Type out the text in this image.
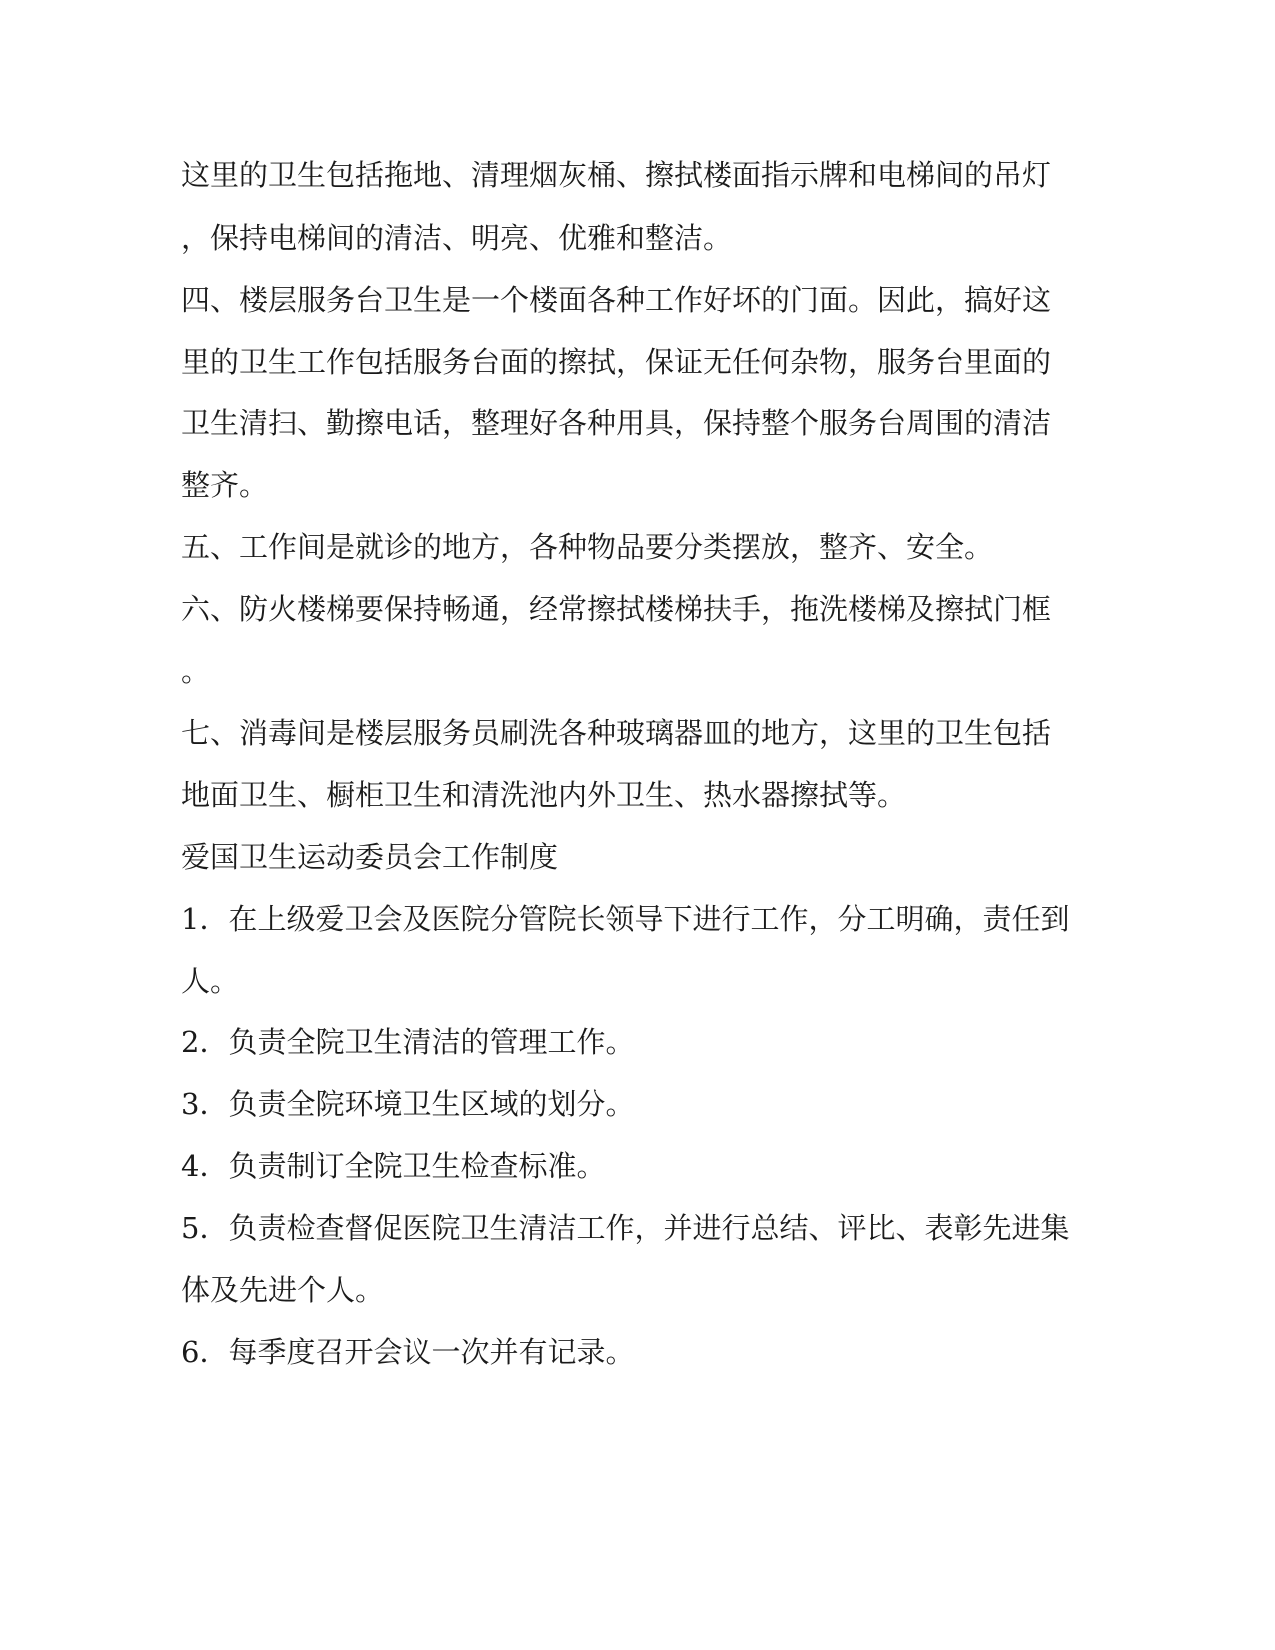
这里的卫生包括拖地、清理烟灰桶、擦拭楼面指示牌和电梯间的吊灯

，保持电梯间的清洁、明亮、优雅和整洁。

四、楼层服务台卫生是一个楼面各种工作好坏的门面。因此，搞好这

里的卫生工作包括服务台面的擦拭，保证无任何杂物，服务台里面的

卫生清扫、勤擦电话，整理好各种用具，保持整个服务台周围的清洁

整齐。

五、工作间是就诊的地方，各种物品要分类摆放，整齐、安全。

六、防火楼梯要保持畅通，经常擦拭楼梯扶手，拖洗楼梯及擦拭门框

。

七、消毒间是楼层服务员刷洗各种玻璃器皿的地方，这里的卫生包括

地面卫生、橱柜卫生和清洗池内外卫生、热水器擦拭等。

爱国卫生运动委员会工作制度

1．在上级爱卫会及医院分管院长领导下进行工作，分工明确，责任到

人。

2．负责全院卫生清洁的管理工作。

3．负责全院环境卫生区域的划分。

4．负责制订全院卫生检查标准。

5．负责检查督促医院卫生清洁工作，并进行总结、评比、表彰先进集

体及先进个人。

6．每季度召开会议一次并有记录。
